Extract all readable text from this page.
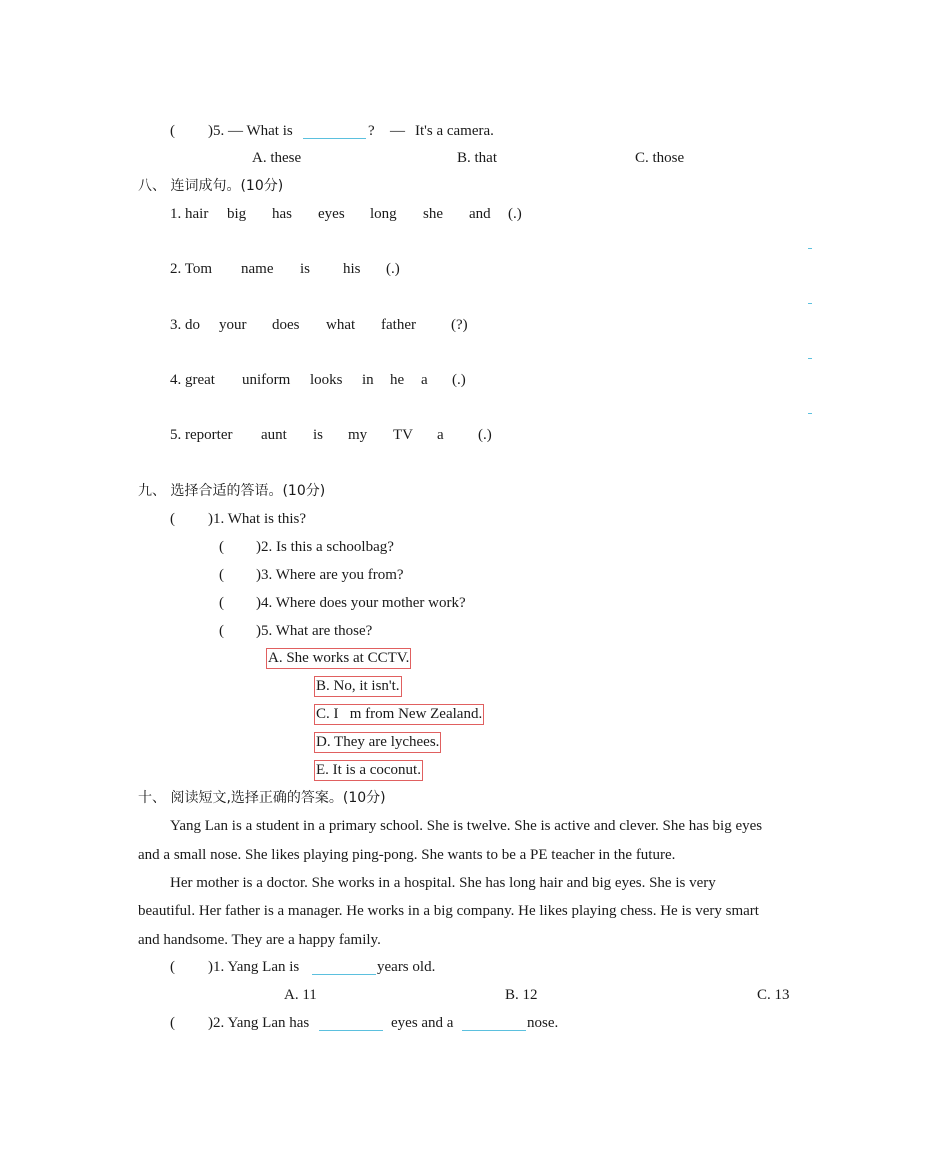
( )5. — What is	? — It's a camera.
A. these	B. that	C. those
八、 连词成句。(10分)
1. hair big has eyes long she and (.)
2. Tom name is his (.)
3. do your does what father (?)
4. great uniform looks in he a (.)
5. reporter aunt is my TV a (.)
九、 选择合适的答语。(10分)
( )1. What is this?
( )2. Is this a schoolbag?
( )3. Where are you from?
( )4. Where does your mother work?
( )5. What are those?
A. She works at CCTV.
B. No, it isn't.
C. I   m from New Zealand.
D. They are lychees.
E. It is a coconut.
十、 阅读短文,选择正确的答案。(10分)
Yang Lan is a student in a primary school. She is twelve. She is active and clever. She has big eyes
and a small nose. She likes playing ping-pong. She wants to be a PE teacher in the future.
Her mother is a doctor. She works in a hospital. She has long hair and big eyes. She is very
beautiful. Her father is a manager. He works in a big company. He likes playing chess. He is very smart
and handsome. They are a happy family.
( )1. Yang Lan is	years old.
A. 11	B. 12	C. 13
( )2. Yang Lan has	eyes and a	nose.
